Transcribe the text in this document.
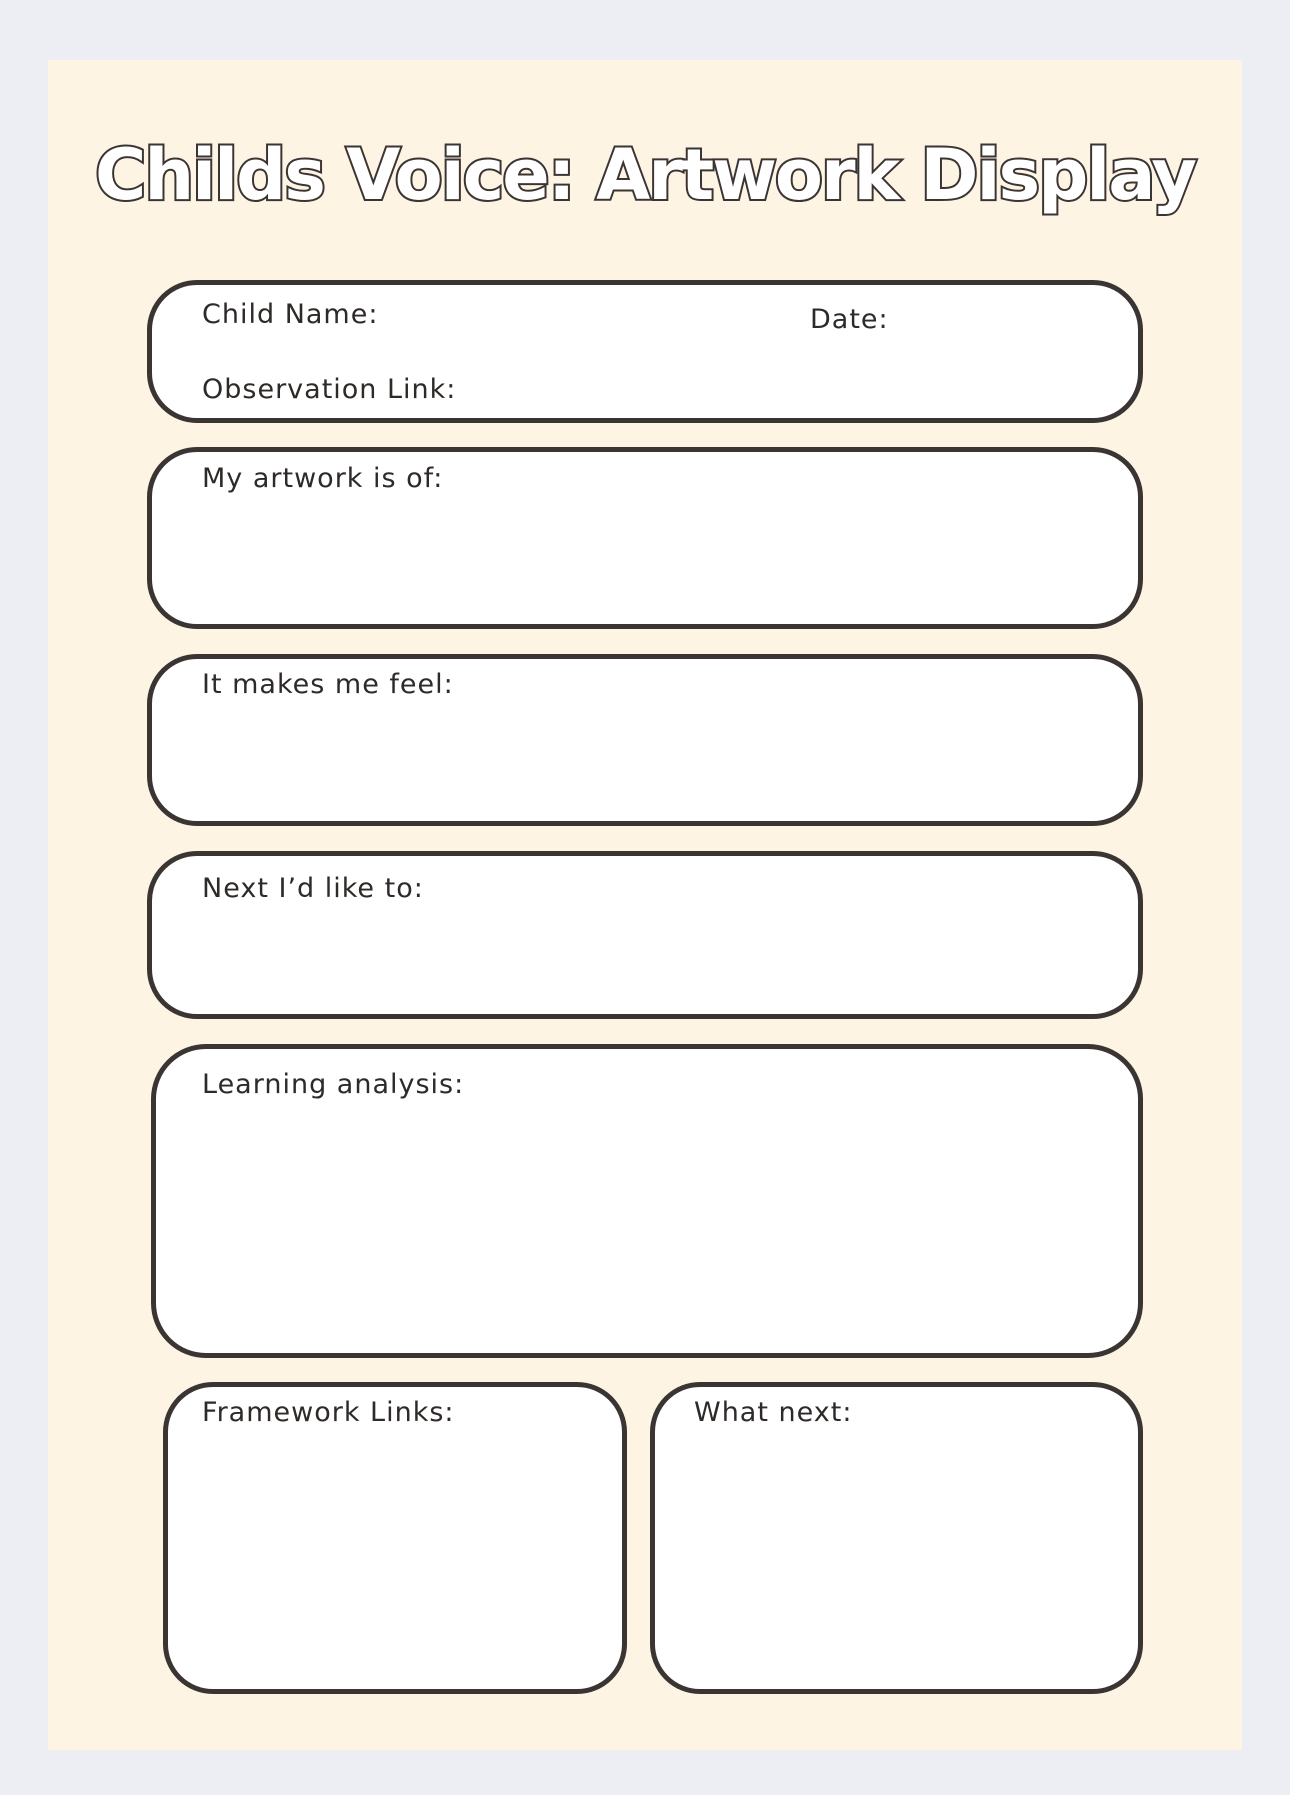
Childs Voice: Artwork Display
Child Name:	Date:
Observation Link:
My artwork is of:
It makes me feel:
Next I’d like to:
Learning analysis:
Framework Links:	What next:
